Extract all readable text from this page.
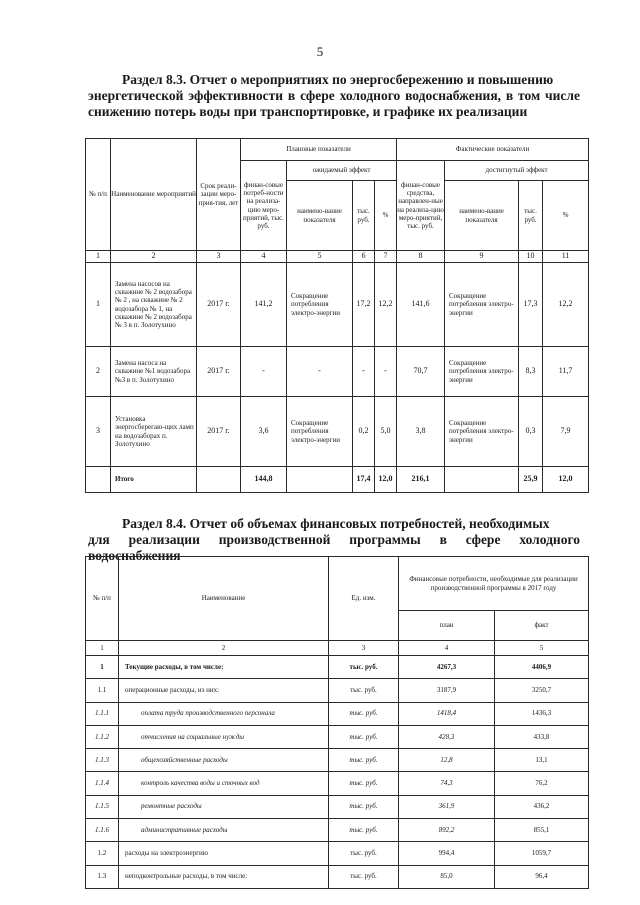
5
Раздел 8.3. Отчет о мероприятиях по энергосбережению и повышению
энергетической эффективности в сфере холодного водоснабжения, в том числе снижению потерь воды при транспортировке, и графике их реализации
№ п/п	Наименование мероприятий	Срок реали-зации меро-прия-тия, лет	Плановые показатели				Фактические показатели			
			финан-совые потреб-ности на реализа-цию меро-приятий, тыс. руб.	ожидаемый эффект			финан-совые средства, направлен-ные на реализа-цию меро-приятий, тыс. руб.	достигнутый эффект		
				наимено-вание показателя	тыс. руб.	%		наимено-вание показателя	тыс. руб.	%
1	2	3	4	5	6	7	8	9	10	11
1	Замена насосов на скважине № 2 водозабора № 2 , на скважине № 2 водозабора № 1, на скважине № 2 водозабора № 3 в п. Золотухино	2017 г.	141,2	Сокращение потребления электро-энергии	17,2	12,2	141,6	Сокращение потребления электро-энергии	17,3	12,2
2	Замена насоса на скважине №1 водозабора №3 в п. Золотухино	2017 г.	-	-	-	-	70,7	Сокращение потребления электро-энергии	8,3	11,7
3	Установка энергосберегаю-щих ламп на водозаборах п. Золотухино	2017 г.	3,6	Сокращение потребления электро-энергии	0,2	5,0	3,8	Сокращение потребления электро-энергии	0,3	7,9
	Итого		144,8		17,4	12,0	216,1		25,9	12,0
Раздел 8.4. Отчет об объемах финансовых потребностей, необходимых
для реализации производственной программы в сфере холодного водоснабжения
№ п/п	Наименование	Ед. изм.	Финансовые потребности, необходимые для реализации производственной программы в 2017 году	
			план	факт
1	2	3	4	5
1	Текущие расходы, в том числе:	тыс. руб.	4267,3	4406,9
1.1	операционные расходы, из них:	тыс. руб.	3187,9	3250,7
1.1.1	оплата труда производственного персонала	тыс. руб.	1418,4	1436,3
1.1.2	отчисления на социальные нужды	тыс. руб.	428,3	433,8
1.1.3	общехозяйственные расходы	тыс. руб.	12,8	13,1
1.1.4	контроль качества воды и сточных вод	тыс. руб.	74,3	76,2
1.1.5	ремонтные расходы	тыс. руб.	361,9	436,2
1.1.6	административные расходы	тыс. руб.	892,2	855,1
1.2	расходы на электроэнергию	тыс. руб.	994,4	1059,7
1.3	неподконтрольные расходы, в том числе:	тыс. руб.	85,0	96,4
